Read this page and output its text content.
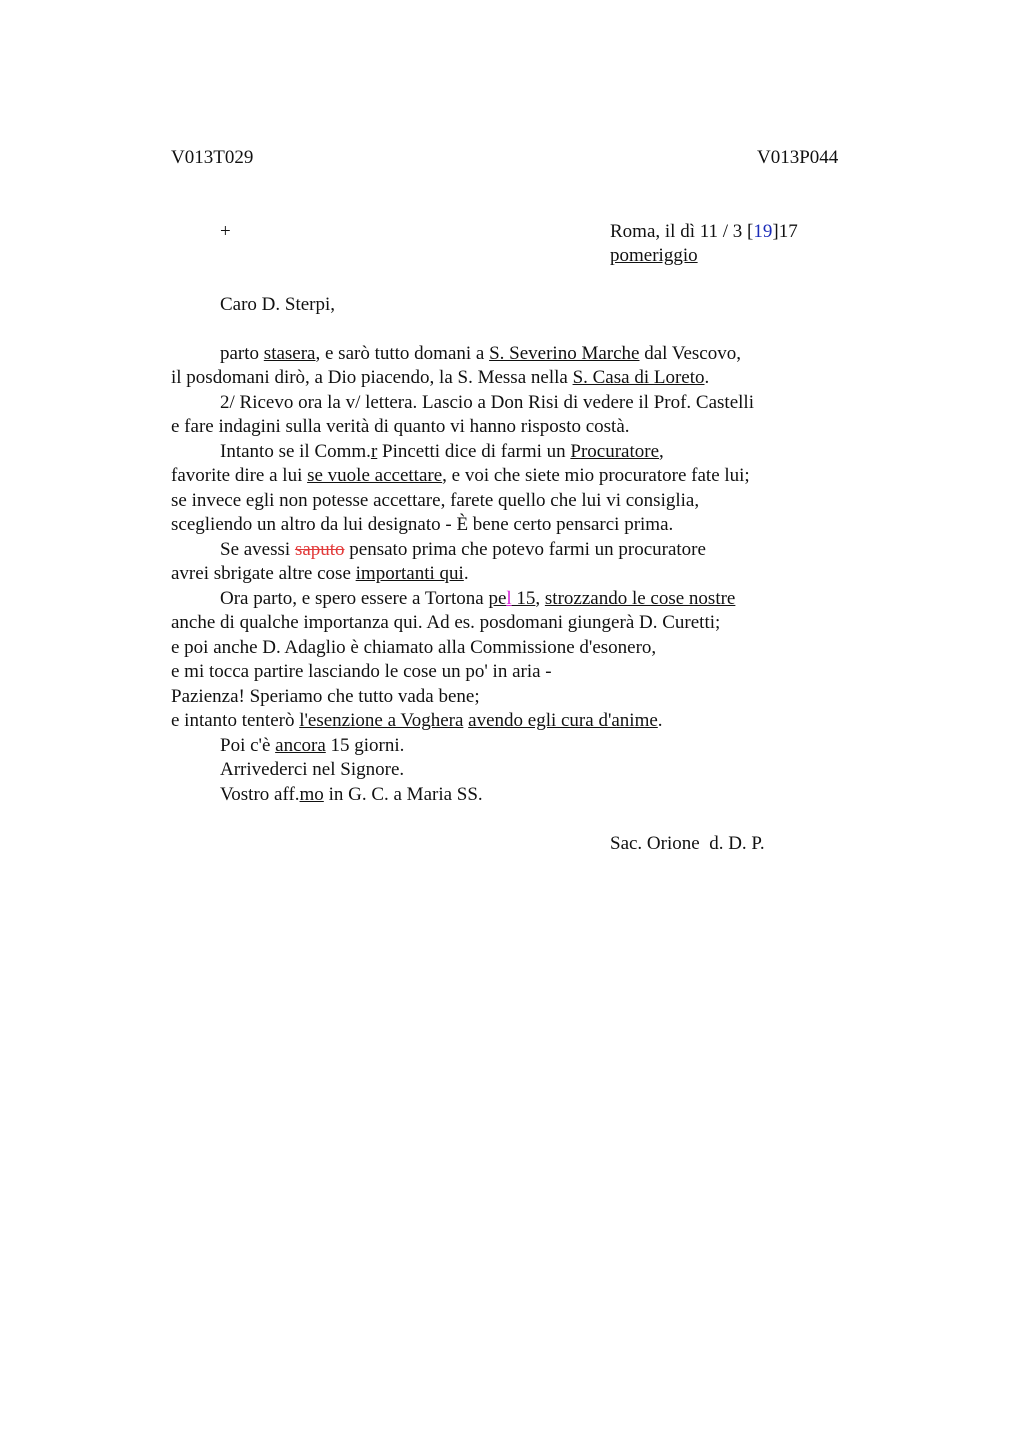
V013T029	V013P044
+	Roma, il dì 11 / 3 [19]17
pomeriggio
Caro D. Sterpi,
parto stasera, e sarò tutto domani a S. Severino Marche dal Vescovo,
il posdomani dirò, a Dio piacendo, la S. Messa nella S. Casa di Loreto.
2/ Ricevo ora la v/ lettera. Lascio a Don Risi di vedere il Prof. Castelli
e fare indagini sulla verità di quanto vi hanno risposto costà.
Intanto se il Comm.r Pincetti dice di farmi un Procuratore,
favorite dire a lui se vuole accettare, e voi che siete mio procuratore fate lui;
se invece egli non potesse accettare, farete quello che lui vi consiglia,
scegliendo un altro da lui designato - È bene certo pensarci prima.
Se avessi saputo pensato prima che potevo farmi un procuratore
avrei sbrigate altre cose importanti qui.
Ora parto, e spero essere a Tortona pel 15, strozzando le cose nostre
anche di qualche importanza qui. Ad es. posdomani giungerà D. Curetti;
e poi anche D. Adaglio è chiamato alla Commissione d'esonero,
e mi tocca partire lasciando le cose un po' in aria -
Pazienza! Speriamo che tutto vada bene;
e intanto tenterò l'esenzione a Voghera avendo egli cura d'anime.
Poi c'è ancora 15 giorni.
Arrivederci nel Signore.
Vostro aff.mo in G. C. a Maria SS.
Sac. Orione  d. D. P.
